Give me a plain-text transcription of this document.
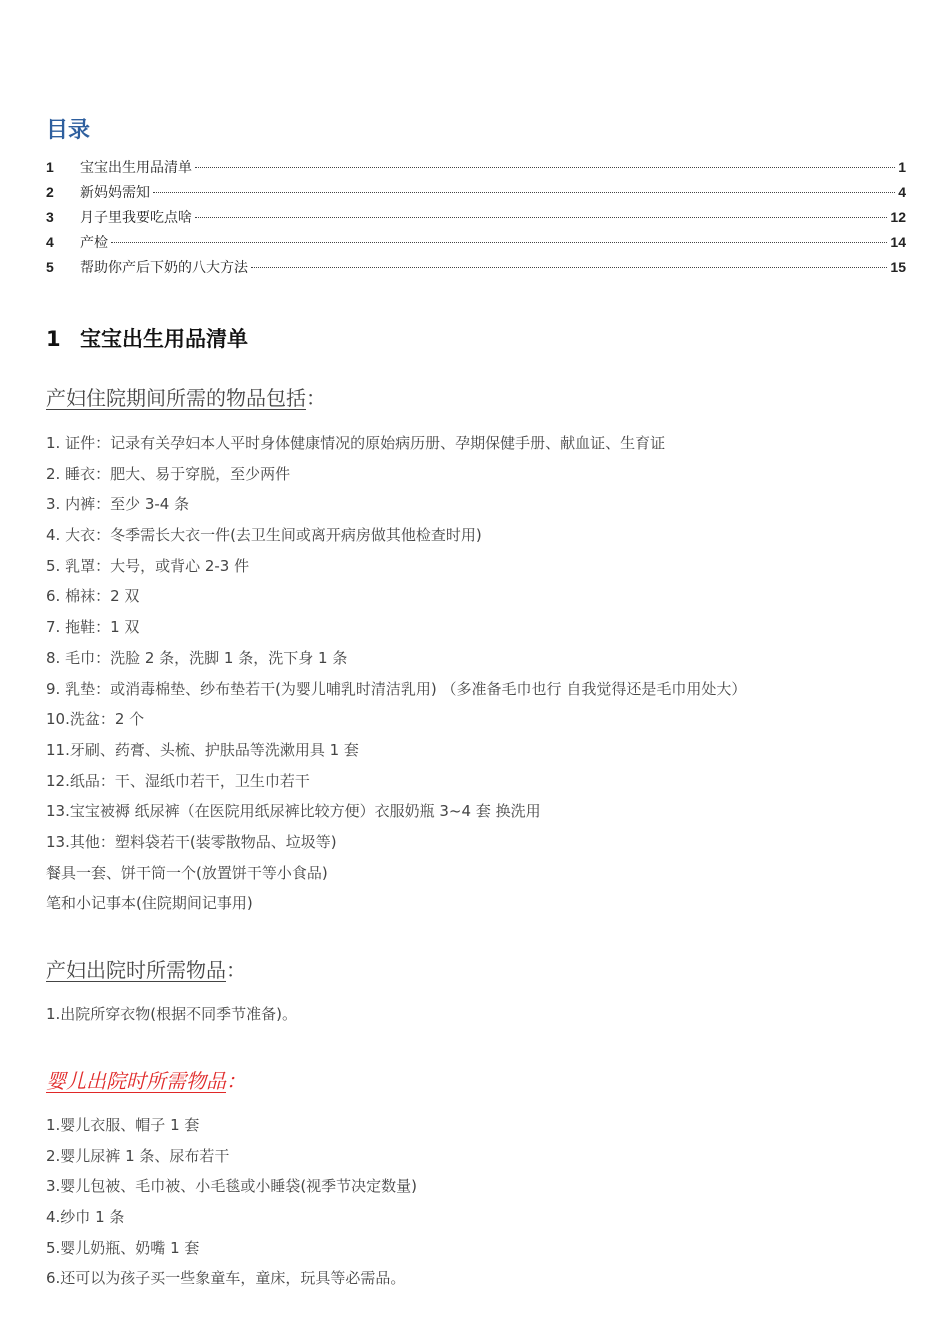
目录
1	宝宝出生用品清单	1
2	新妈妈需知	4
3	月子里我要吃点啥	12
4	产检	14
5	帮助你产后下奶的八大方法	15
1 宝宝出生用品清单
产妇住院期间所需的物品包括：
1. 证件：记录有关孕妇本人平时身体健康情况的原始病历册、孕期保健手册、献血证、生育证
2. 睡衣：肥大、易于穿脱，至少两件
3. 内裤：至少 3-4 条
4. 大衣：冬季需长大衣一件(去卫生间或离开病房做其他检查时用)
5. 乳罩：大号，或背心 2-3 件
6. 棉袜：2 双
7. 拖鞋：1 双
8. 毛巾：洗脸 2 条，洗脚 1 条，洗下身 1 条
9. 乳垫：或消毒棉垫、纱布垫若干(为婴儿哺乳时清洁乳用) （多准备毛巾也行 自我觉得还是毛巾用处大）
10.洗盆：2 个
11.牙刷、药膏、头梳、护肤品等洗漱用具 1 套
12.纸品：干、湿纸巾若干，卫生巾若干
13.宝宝被褥 纸尿裤（在医院用纸尿裤比较方便）衣服奶瓶 3~4 套 换洗用
13.其他：塑料袋若干(装零散物品、垃圾等)
餐具一套、饼干筒一个(放置饼干等小食品)
笔和小记事本(住院期间记事用)
产妇出院时所需物品：
1.出院所穿衣物(根据不同季节准备)。
婴儿出院时所需物品：
1.婴儿衣服、帽子 1 套
2.婴儿尿裤 1 条、尿布若干
3.婴儿包被、毛巾被、小毛毯或小睡袋(视季节决定数量)
4.纱巾 1 条
5.婴儿奶瓶、奶嘴 1 套
6.还可以为孩子买一些象童车，童床，玩具等必需品。
